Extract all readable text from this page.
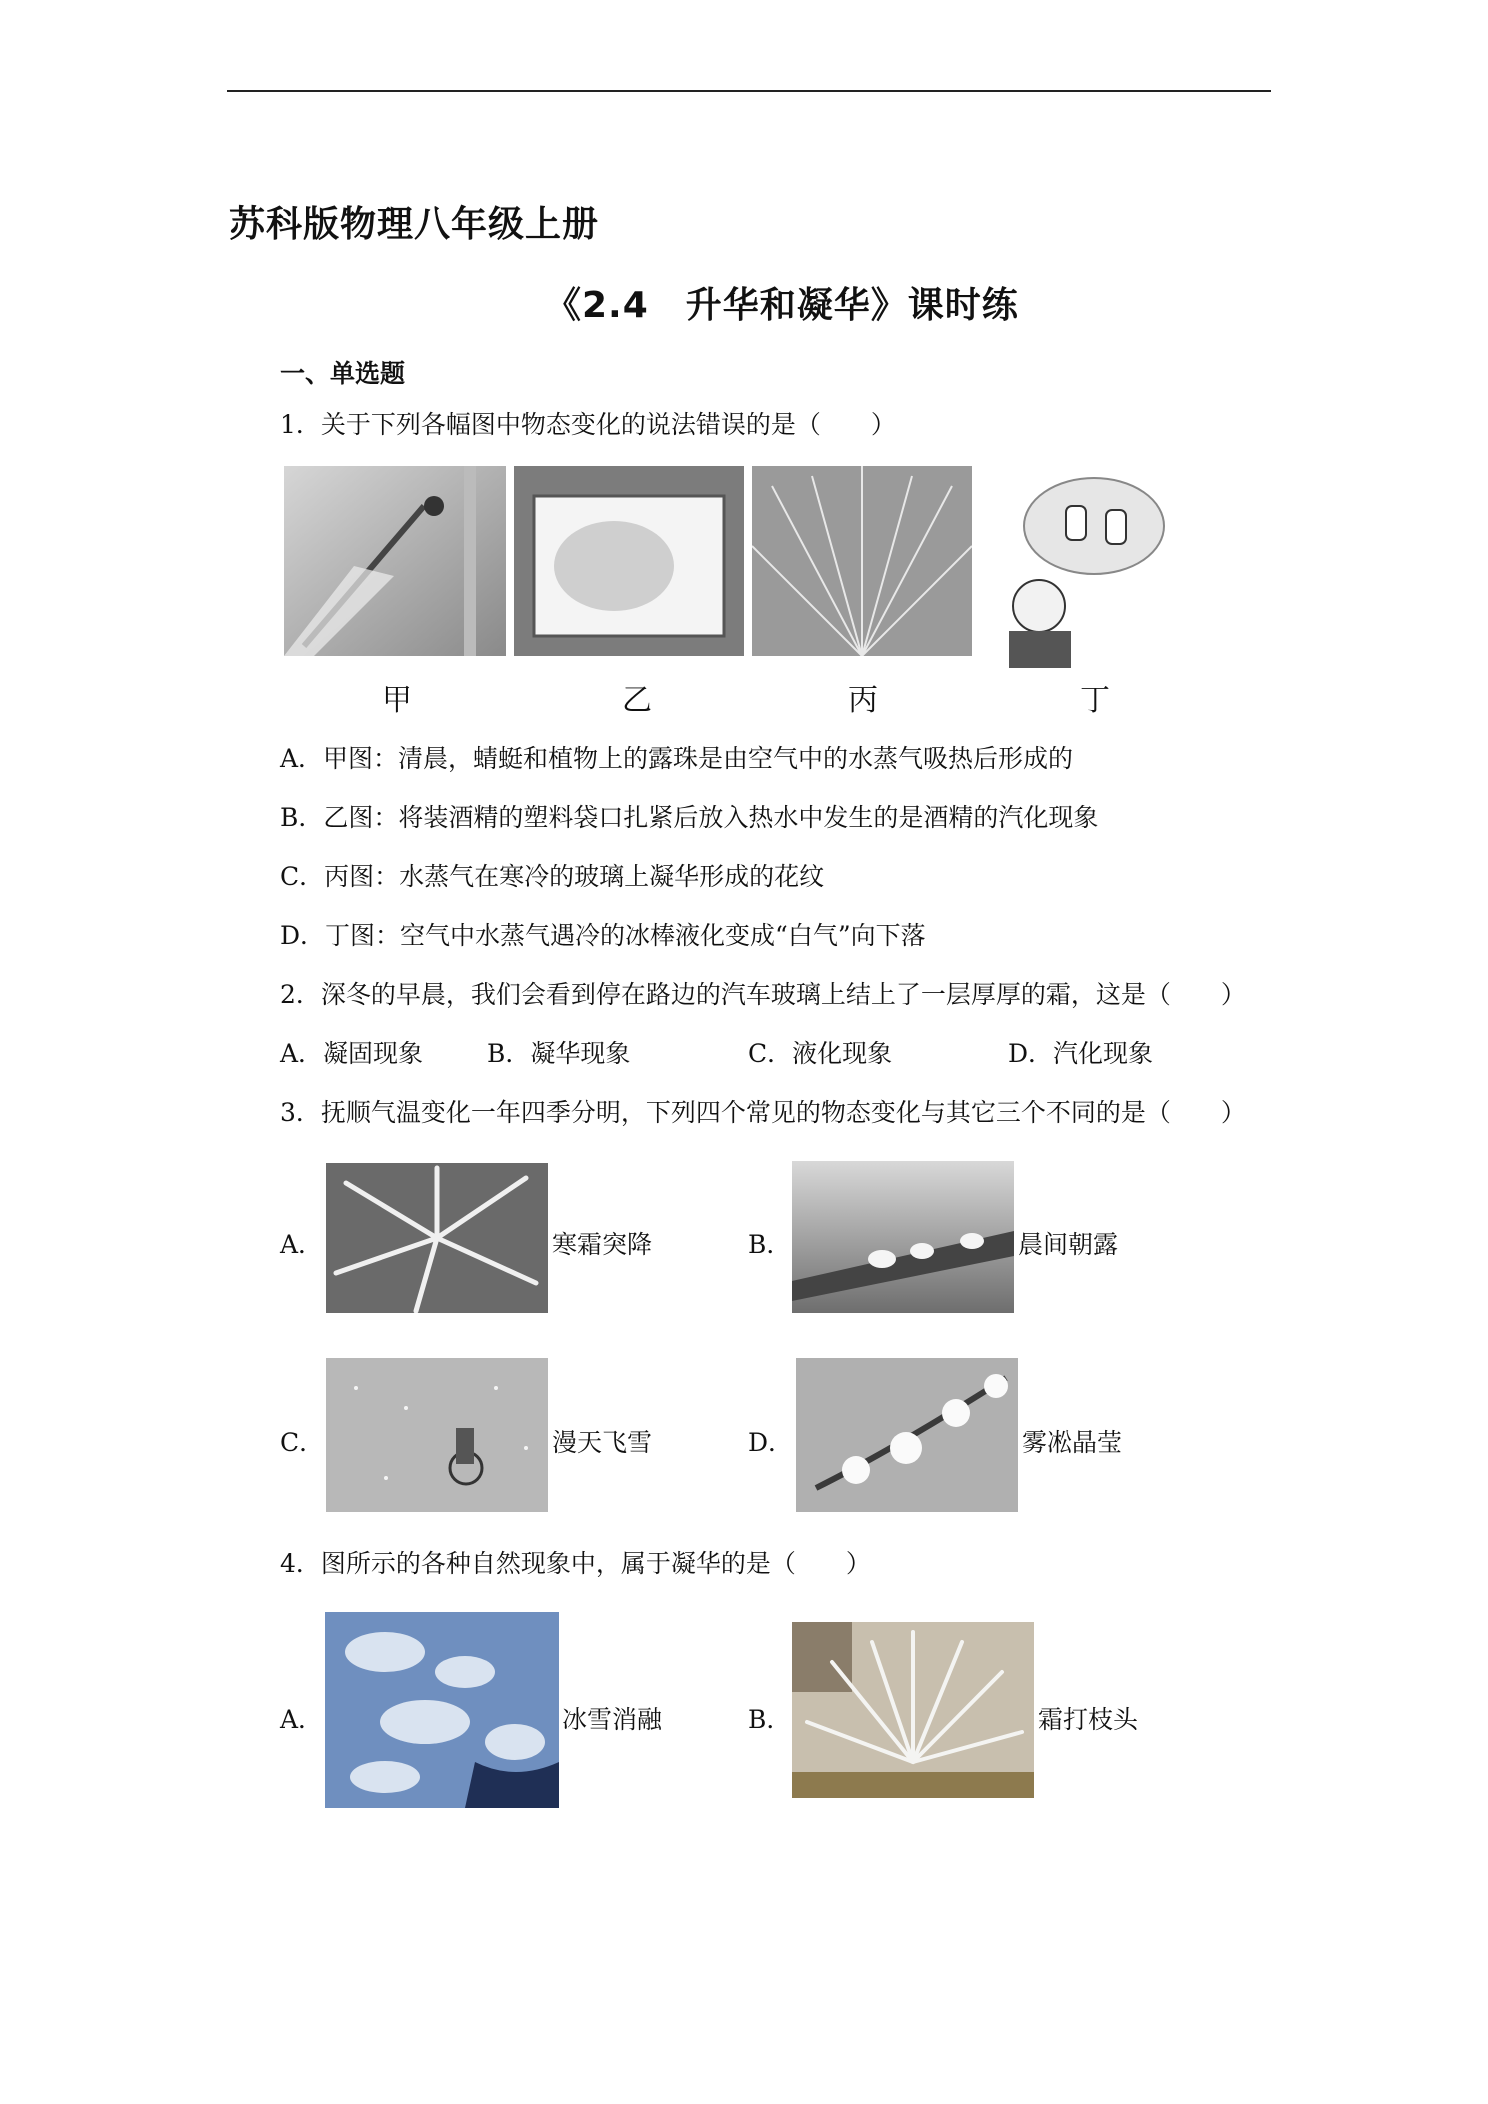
苏科版物理八年级上册
《2.4　升华和凝华》课时练
一、单选题
1．关于下列各幅图中物态变化的说法错误的是（　　）
甲	乙	丙	丁
A．甲图：清晨，蜻蜓和植物上的露珠是由空气中的水蒸气吸热后形成的
B．乙图：将装酒精的塑料袋口扎紧后放入热水中发生的是酒精的汽化现象
C．丙图：水蒸气在寒冷的玻璃上凝华形成的花纹
D．丁图：空气中水蒸气遇冷的冰棒液化变成“白气”向下落
2．深冬的早晨，我们会看到停在路边的汽车玻璃上结上了一层厚厚的霜，这是（　　）
A．凝固现象	B．凝华现象	C．液化现象	D．汽化现象
3．抚顺气温变化一年四季分明，下列四个常见的物态变化与其它三个不同的是（　　）
A．	寒霜突降	B．	晨间朝露
C．	漫天飞雪	D．	雾凇晶莹
4．图所示的各种自然现象中，属于凝华的是（　　）
A．	冰雪消融	B．	霜打枝头
